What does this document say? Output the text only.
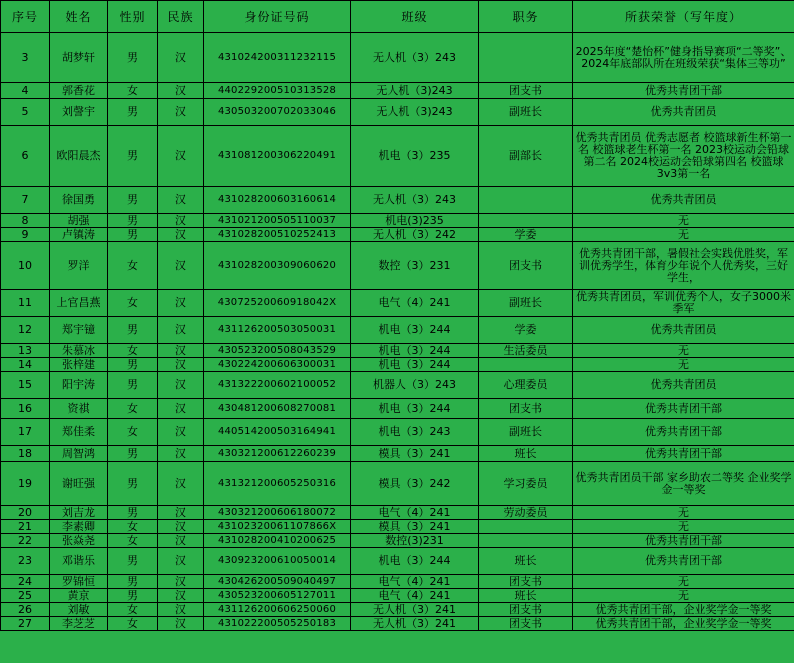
序号	姓名	性别	民族	身份证号码	班级	职务	所获荣誉（写年度）
3	胡梦轩	男	汉	431024200311232115	无人机（3）243		2025年度“楚怡杯”健身指导赛项“二等奖”、2024年底部队所在班级荣获“集体三等功”
4	郭香花	女	汉	440229200510313528	无人机（3)243	团支书	优秀共青团干部
5	刘謦宇	男	汉	430503200702033046	无人机（3)243	副班长	优秀共青团员
6	欧阳晨杰	男	汉	431081200306220491	机电（3）235	副部长	优秀共青团员 优秀志愿者 校篮球新生杯第一名 校篮球老生杯第一名 2023校运动会铅球第二名 2024校运动会铅球第四名 校篮球3v3第一名
7	徐国勇	男	汉	431028200603160614	无人机（3）243		优秀共青团员
8	胡强	男	汉	431021200505110037	机电(3)235		无
9	卢镇涛	男	汉	431028200510252413	无人机（3）242	学委	无
10	罗洋	女	汉	431028200309060620	数控（3）231	团支书	优秀共青团干部，暑假社会实践优胜奖，军训优秀学生，体育少年说个人优秀奖，三好学生，
11	上官昌燕	女	汉	43072520060918042X	电气（4）241	副班长	优秀共青团员，军训优秀个人，女子3000米季军
12	郑宇镱	男	汉	431126200503050031	机电（3）244	学委	优秀共青团员
13	朱慕冰	女	汉	430523200508043529	机电（3）244	生活委员	无
14	张梓建	男	汉	430224200606300031	机电（3）244		无
15	阳宇涛	男	汉	431322200602100052	机器人（3）243	心理委员	优秀共青团员
16	资祺	女	汉	430481200608270081	机电（3）244	团支书	优秀共青团干部
17	郑佳柔	女	汉	440514200503164941	机电（3）243	副班长	优秀共青团干部
18	周智鸿	男	汉	430321200612260239	模具（3）241	班长	优秀共青团干部
19	谢旺强	男	汉	431321200605250316	模具（3）242	学习委员	优秀共青团员干部 家乡助农二等奖 企业奖学金一等奖
20	刘吉龙	男	汉	430321200606180072	电气（4）241	劳动委员	无
21	李素卿	女	汉	43102320061107866X	模具（3）241		无
22	张焱尧	女	汉	431028200410200625	数控(3)231		优秀共青团干部
23	邓谐乐	男	汉	430923200610050014	机电（3）244	班长	优秀共青团干部
24	罗锦恒	男	汉	430426200509040497	电气（4）241	团支书	无
25	黄京	男	汉	430523200605127011	电气（4）241	班长	无
26	刘敏	女	汉	431126200606250060	无人机（3）241	团支书	优秀共青团干部，企业奖学金一等奖
27	李芝芝	女	汉	431022200505250183	无人机（3）241	团支书	优秀共青团干部，企业奖学金一等奖
